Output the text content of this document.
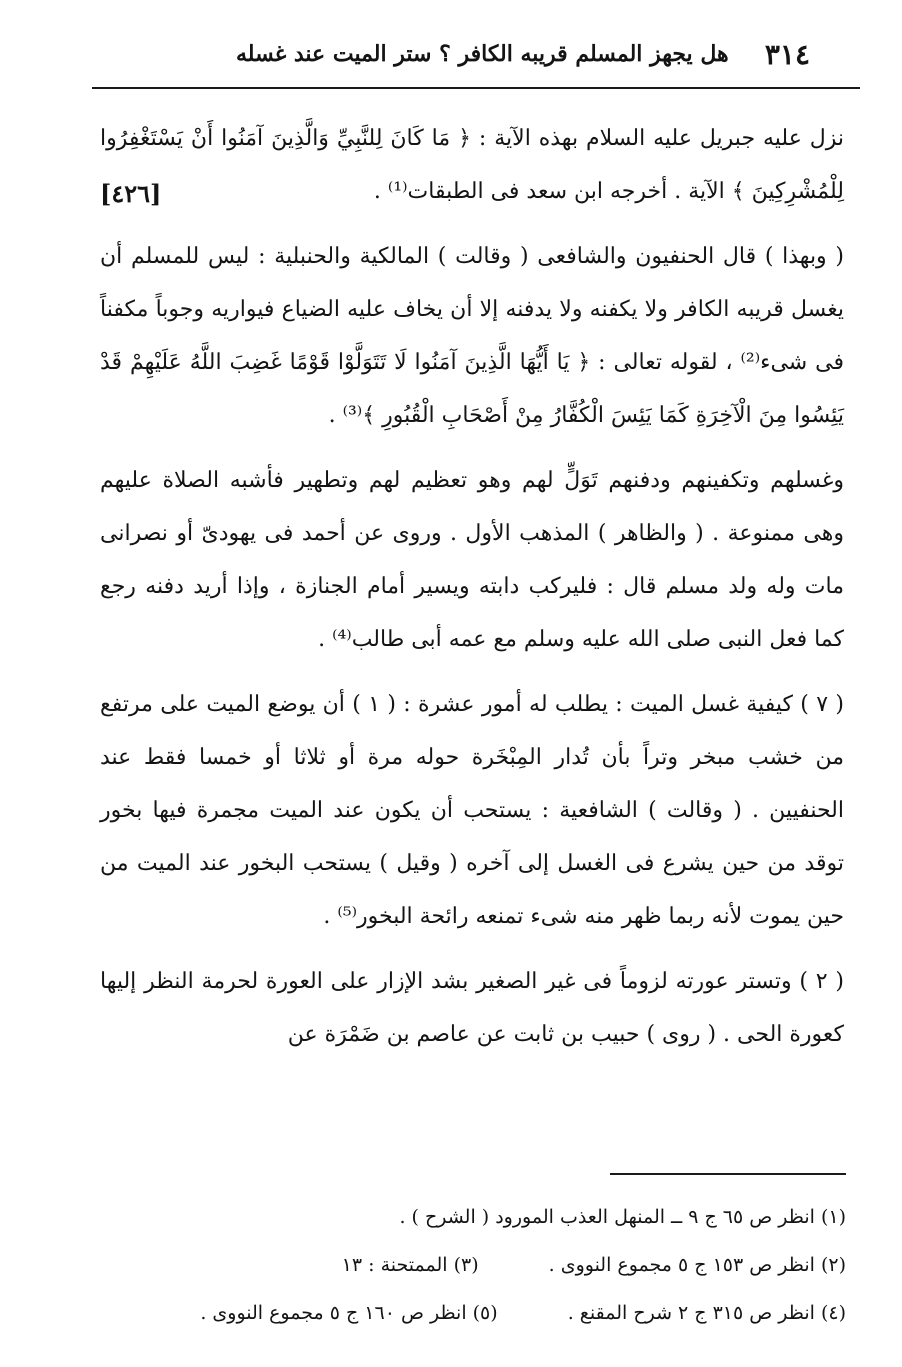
٣١٤
هل يجهز المسلم قريبه الكافر ؟ ستر الميت عند غسله

نزل عليه جبريل عليه السلام بهذه الآية : ﴿ مَا كَانَ لِلنَّبِيِّ وَالَّذِينَ آمَنُوا أَنْ يَسْتَغْفِرُوا لِلْمُشْرِكِينَ ﴾ الآية . أخرجه ابن سعد فى الطبقات⁽¹⁾ .
[٤٢٦]

( وبهذا ) قال الحنفيون والشافعى ( وقالت ) المالكية والحنبلية : ليس للمسلم أن يغسل قريبه الكافر ولا يكفنه ولا يدفنه إلا أن يخاف عليه الضياع فيواريه وجوباً مكفناً فى شىء⁽²⁾ ، لقوله تعالى : ﴿ يَا أَيُّهَا الَّذِينَ آمَنُوا لَا تَتَوَلَّوْا قَوْمًا غَضِبَ اللَّهُ عَلَيْهِمْ قَدْ يَئِسُوا مِنَ الْآخِرَةِ كَمَا يَئِسَ الْكُفَّارُ مِنْ أَصْحَابِ الْقُبُورِ ﴾⁽³⁾ .

وغسلهم وتكفينهم ودفنهم تَوَلٍّ لهم وهو تعظيم لهم وتطهير فأشبه الصلاة عليهم وهى ممنوعة . ( والظاهر ) المذهب الأول . وروى عن أحمد فى يهودىّ أو نصرانى مات وله ولد مسلم قال : فليركب دابته ويسير أمام الجنازة ، وإذا أريد دفنه رجع كما فعل النبى صلى الله عليه وسلم مع عمه أبى طالب⁽⁴⁾ .

( ٧ ) كيفية غسل الميت : يطلب له أمور عشرة : ( ١ ) أن يوضع الميت على مرتفع من خشب مبخر وتراً بأن تُدار المِبْخَرة حوله مرة أو ثلاثا أو خمسا فقط عند الحنفيين . ( وقالت ) الشافعية : يستحب أن يكون عند الميت مجمرة فيها بخور توقد من حين يشرع فى الغسل إلى آخره ( وقيل ) يستحب البخور عند الميت من حين يموت لأنه ربما ظهر منه شىء تمنعه رائحة البخور⁽⁵⁾ .

( ٢ ) وتستر عورته لزوماً فى غير الصغير بشد الإزار على العورة لحرمة النظر إليها كعورة الحى . ( روى ) حبيب بن ثابت عن عاصم بن ضَمْرَة عن

(١) انظر ص ٦٥ ج ٩ ــ المنهل العذب المورود ( الشرح ) .
(٢) انظر ص ١٥٣ ج ٥ مجموع النووى .
(٣) الممتحنة : ١٣
(٤) انظر ص ٣١٥ ج ٢ شرح المقنع .
(٥) انظر ص ١٦٠ ج ٥ مجموع النووى .
